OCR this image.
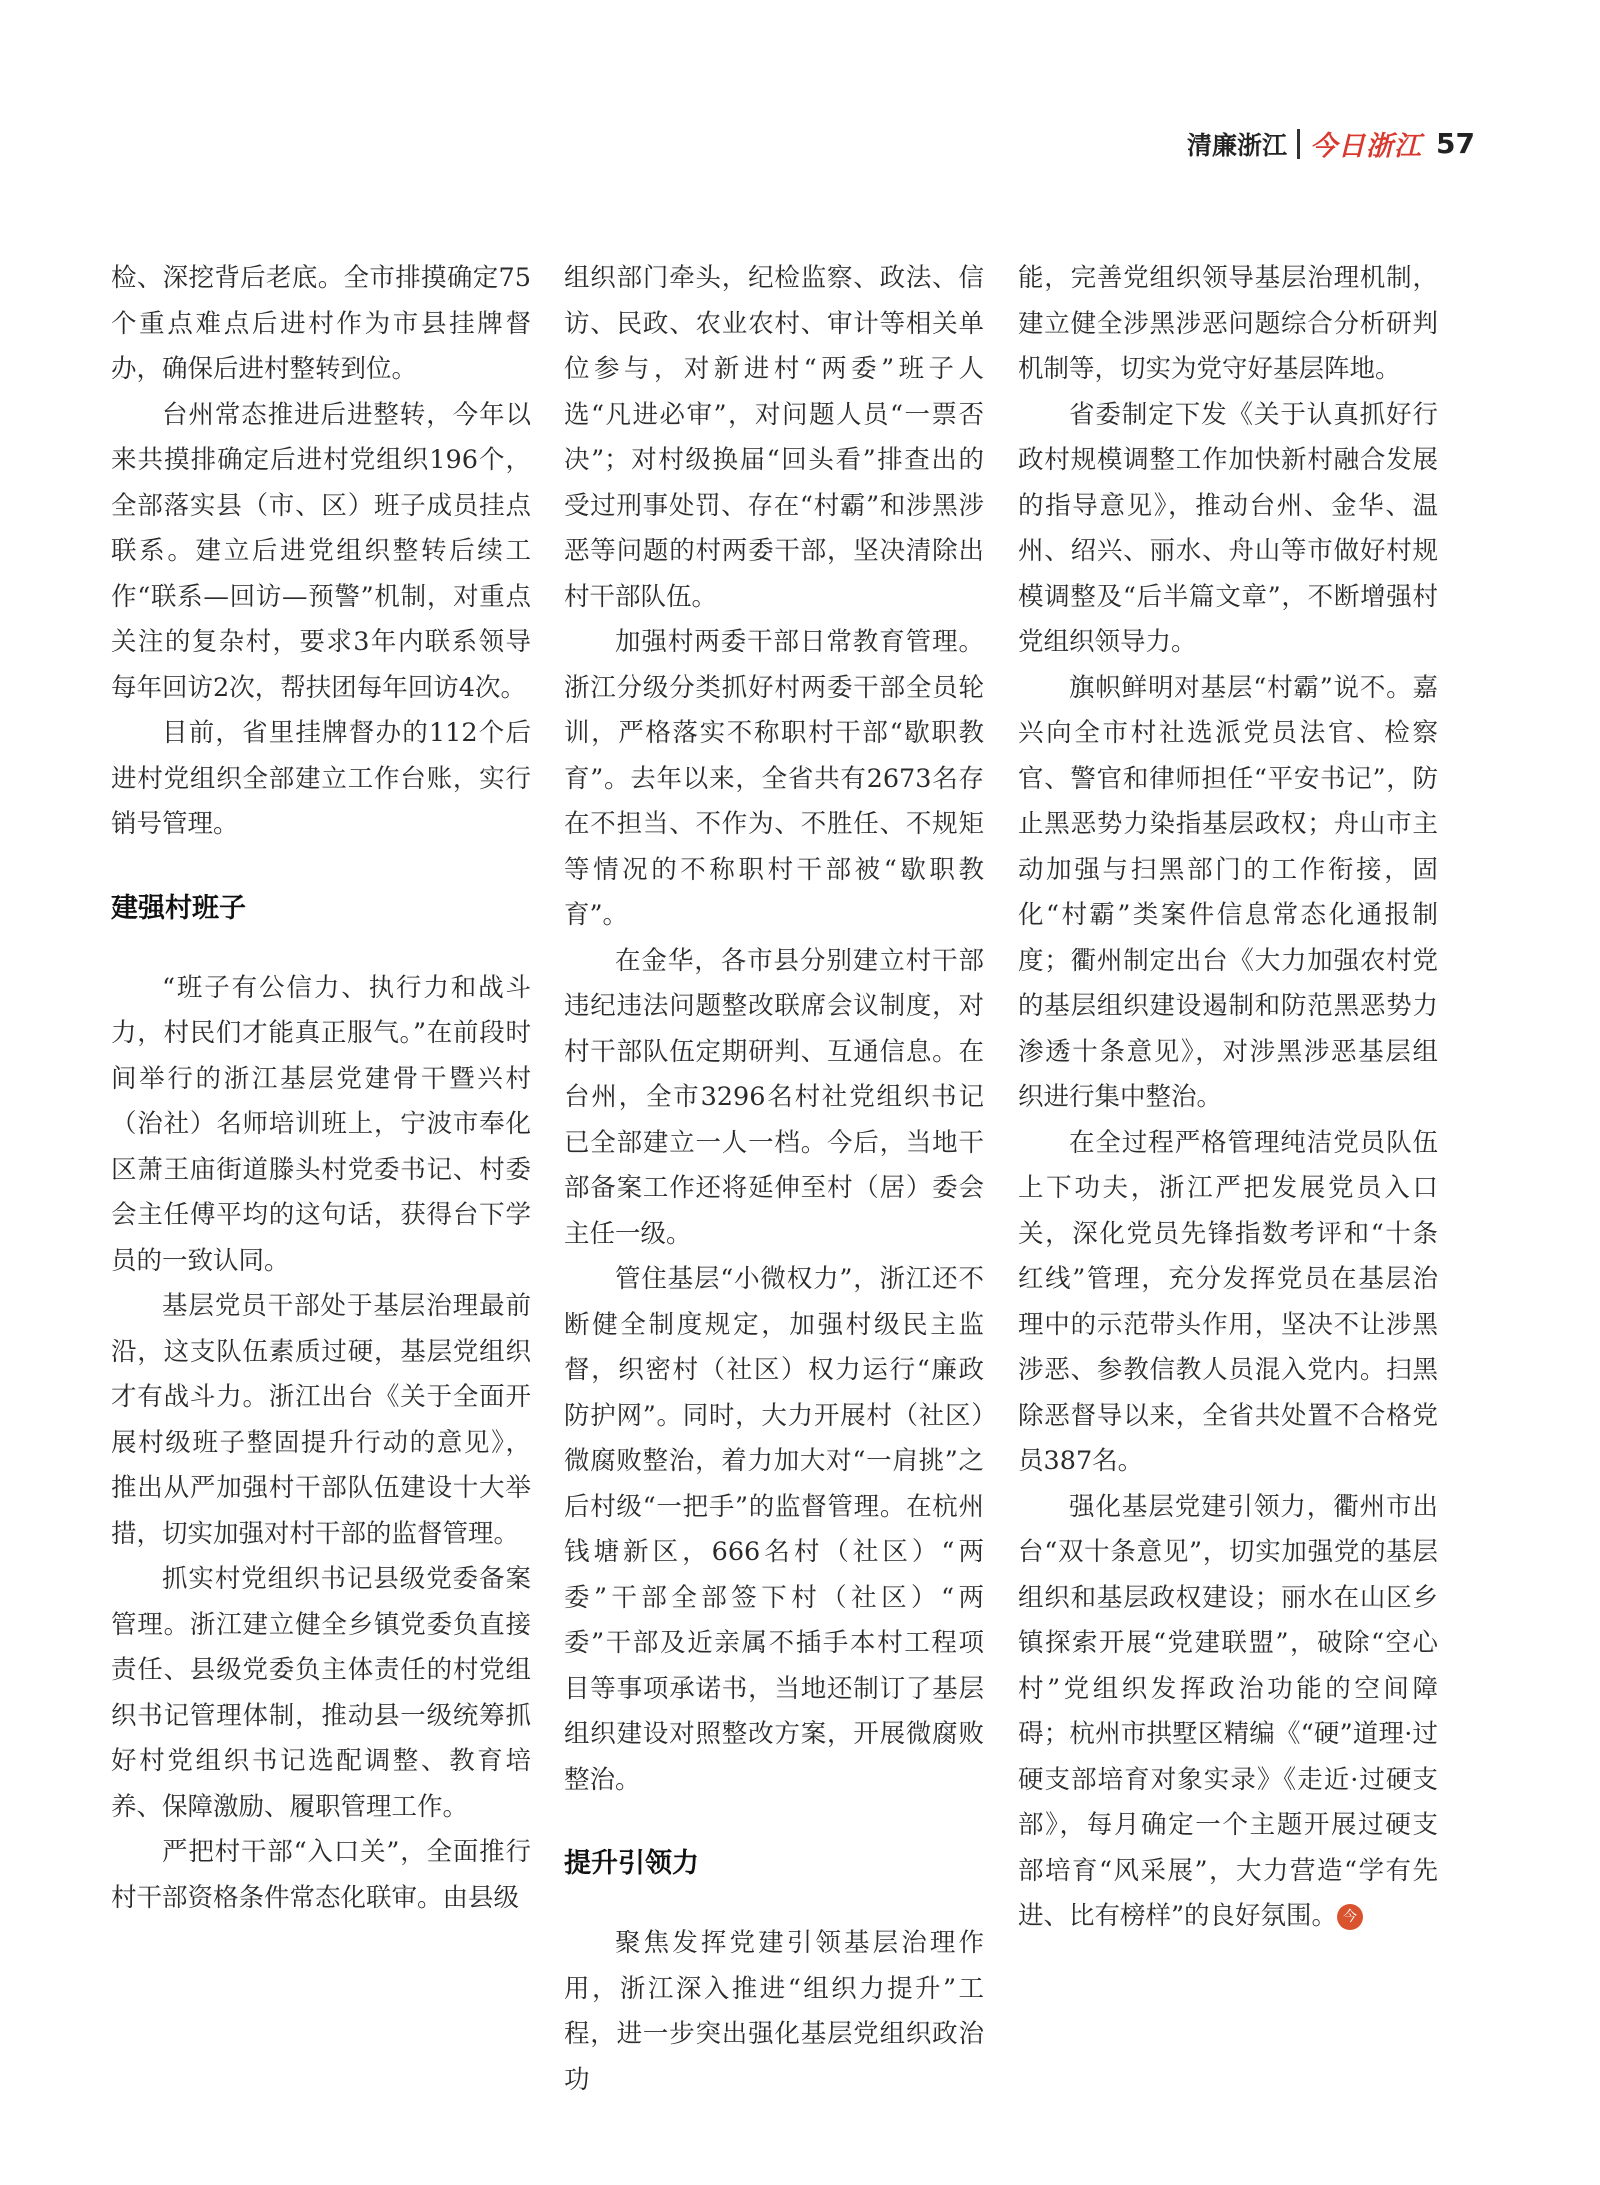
清廉浙江 今日浙江 57

检、深挖背后老底。全市排摸确定75个重点难点后进村作为市县挂牌督办，确保后进村整转到位。

台州常态推进后进整转，今年以来共摸排确定后进村党组织196个，全部落实县（市、区）班子成员挂点联系。建立后进党组织整转后续工作“联系—回访—预警”机制，对重点关注的复杂村，要求3年内联系领导每年回访2次，帮扶团每年回访4次。

目前，省里挂牌督办的112个后进村党组织全部建立工作台账，实行销号管理。

建强村班子

“班子有公信力、执行力和战斗力，村民们才能真正服气。”在前段时间举行的浙江基层党建骨干暨兴村（治社）名师培训班上，宁波市奉化区萧王庙街道滕头村党委书记、村委会主任傅平均的这句话，获得台下学员的一致认同。

基层党员干部处于基层治理最前沿，这支队伍素质过硬，基层党组织才有战斗力。浙江出台《关于全面开展村级班子整固提升行动的意见》，推出从严加强村干部队伍建设十大举措，切实加强对村干部的监督管理。

抓实村党组织书记县级党委备案管理。浙江建立健全乡镇党委负直接责任、县级党委负主体责任的村党组织书记管理体制，推动县一级统筹抓好村党组织书记选配调整、教育培养、保障激励、履职管理工作。

严把村干部“入口关”，全面推行村干部资格条件常态化联审。由县级

组织部门牵头，纪检监察、政法、信访、民政、农业农村、审计等相关单位参与，对新进村“两委”班子人选“凡进必审”，对问题人员“一票否决”；对村级换届“回头看”排查出的受过刑事处罚、存在“村霸”和涉黑涉恶等问题的村两委干部，坚决清除出村干部队伍。

加强村两委干部日常教育管理。浙江分级分类抓好村两委干部全员轮训，严格落实不称职村干部“歇职教育”。去年以来，全省共有2673名存在不担当、不作为、不胜任、不规矩等情况的不称职村干部被“歇职教育”。

在金华，各市县分别建立村干部违纪违法问题整改联席会议制度，对村干部队伍定期研判、互通信息。在台州，全市3296名村社党组织书记已全部建立一人一档。今后，当地干部备案工作还将延伸至村（居）委会主任一级。

管住基层“小微权力”，浙江还不断健全制度规定，加强村级民主监督，织密村（社区）权力运行“廉政防护网”。同时，大力开展村（社区）微腐败整治，着力加大对“一肩挑”之后村级“一把手”的监督管理。在杭州钱塘新区，666名村（社区）“两委”干部全部签下村（社区）“两委”干部及近亲属不插手本村工程项目等事项承诺书，当地还制订了基层组织建设对照整改方案，开展微腐败整治。

提升引领力

聚焦发挥党建引领基层治理作用，浙江深入推进“组织力提升”工程，进一步突出强化基层党组织政治功

能，完善党组织领导基层治理机制，建立健全涉黑涉恶问题综合分析研判机制等，切实为党守好基层阵地。

省委制定下发《关于认真抓好行政村规模调整工作加快新村融合发展的指导意见》，推动台州、金华、温州、绍兴、丽水、舟山等市做好村规模调整及“后半篇文章”，不断增强村党组织领导力。

旗帜鲜明对基层“村霸”说不。嘉兴向全市村社选派党员法官、检察官、警官和律师担任“平安书记”，防止黑恶势力染指基层政权；舟山市主动加强与扫黑部门的工作衔接，固化“村霸”类案件信息常态化通报制度；衢州制定出台《大力加强农村党的基层组织建设遏制和防范黑恶势力渗透十条意见》，对涉黑涉恶基层组织进行集中整治。

在全过程严格管理纯洁党员队伍上下功夫，浙江严把发展党员入口关，深化党员先锋指数考评和“十条红线”管理，充分发挥党员在基层治理中的示范带头作用，坚决不让涉黑涉恶、参教信教人员混入党内。扫黑除恶督导以来，全省共处置不合格党员387名。

强化基层党建引领力，衢州市出台“双十条意见”，切实加强党的基层组织和基层政权建设；丽水在山区乡镇探索开展“党建联盟”，破除“空心村”党组织发挥政治功能的空间障碍；杭州市拱墅区精编《“硬”道理·过硬支部培育对象实录》《走近·过硬支部》，每月确定一个主题开展过硬支部培育“风采展”，大力营造“学有先进、比有榜样”的良好氛围。 今
